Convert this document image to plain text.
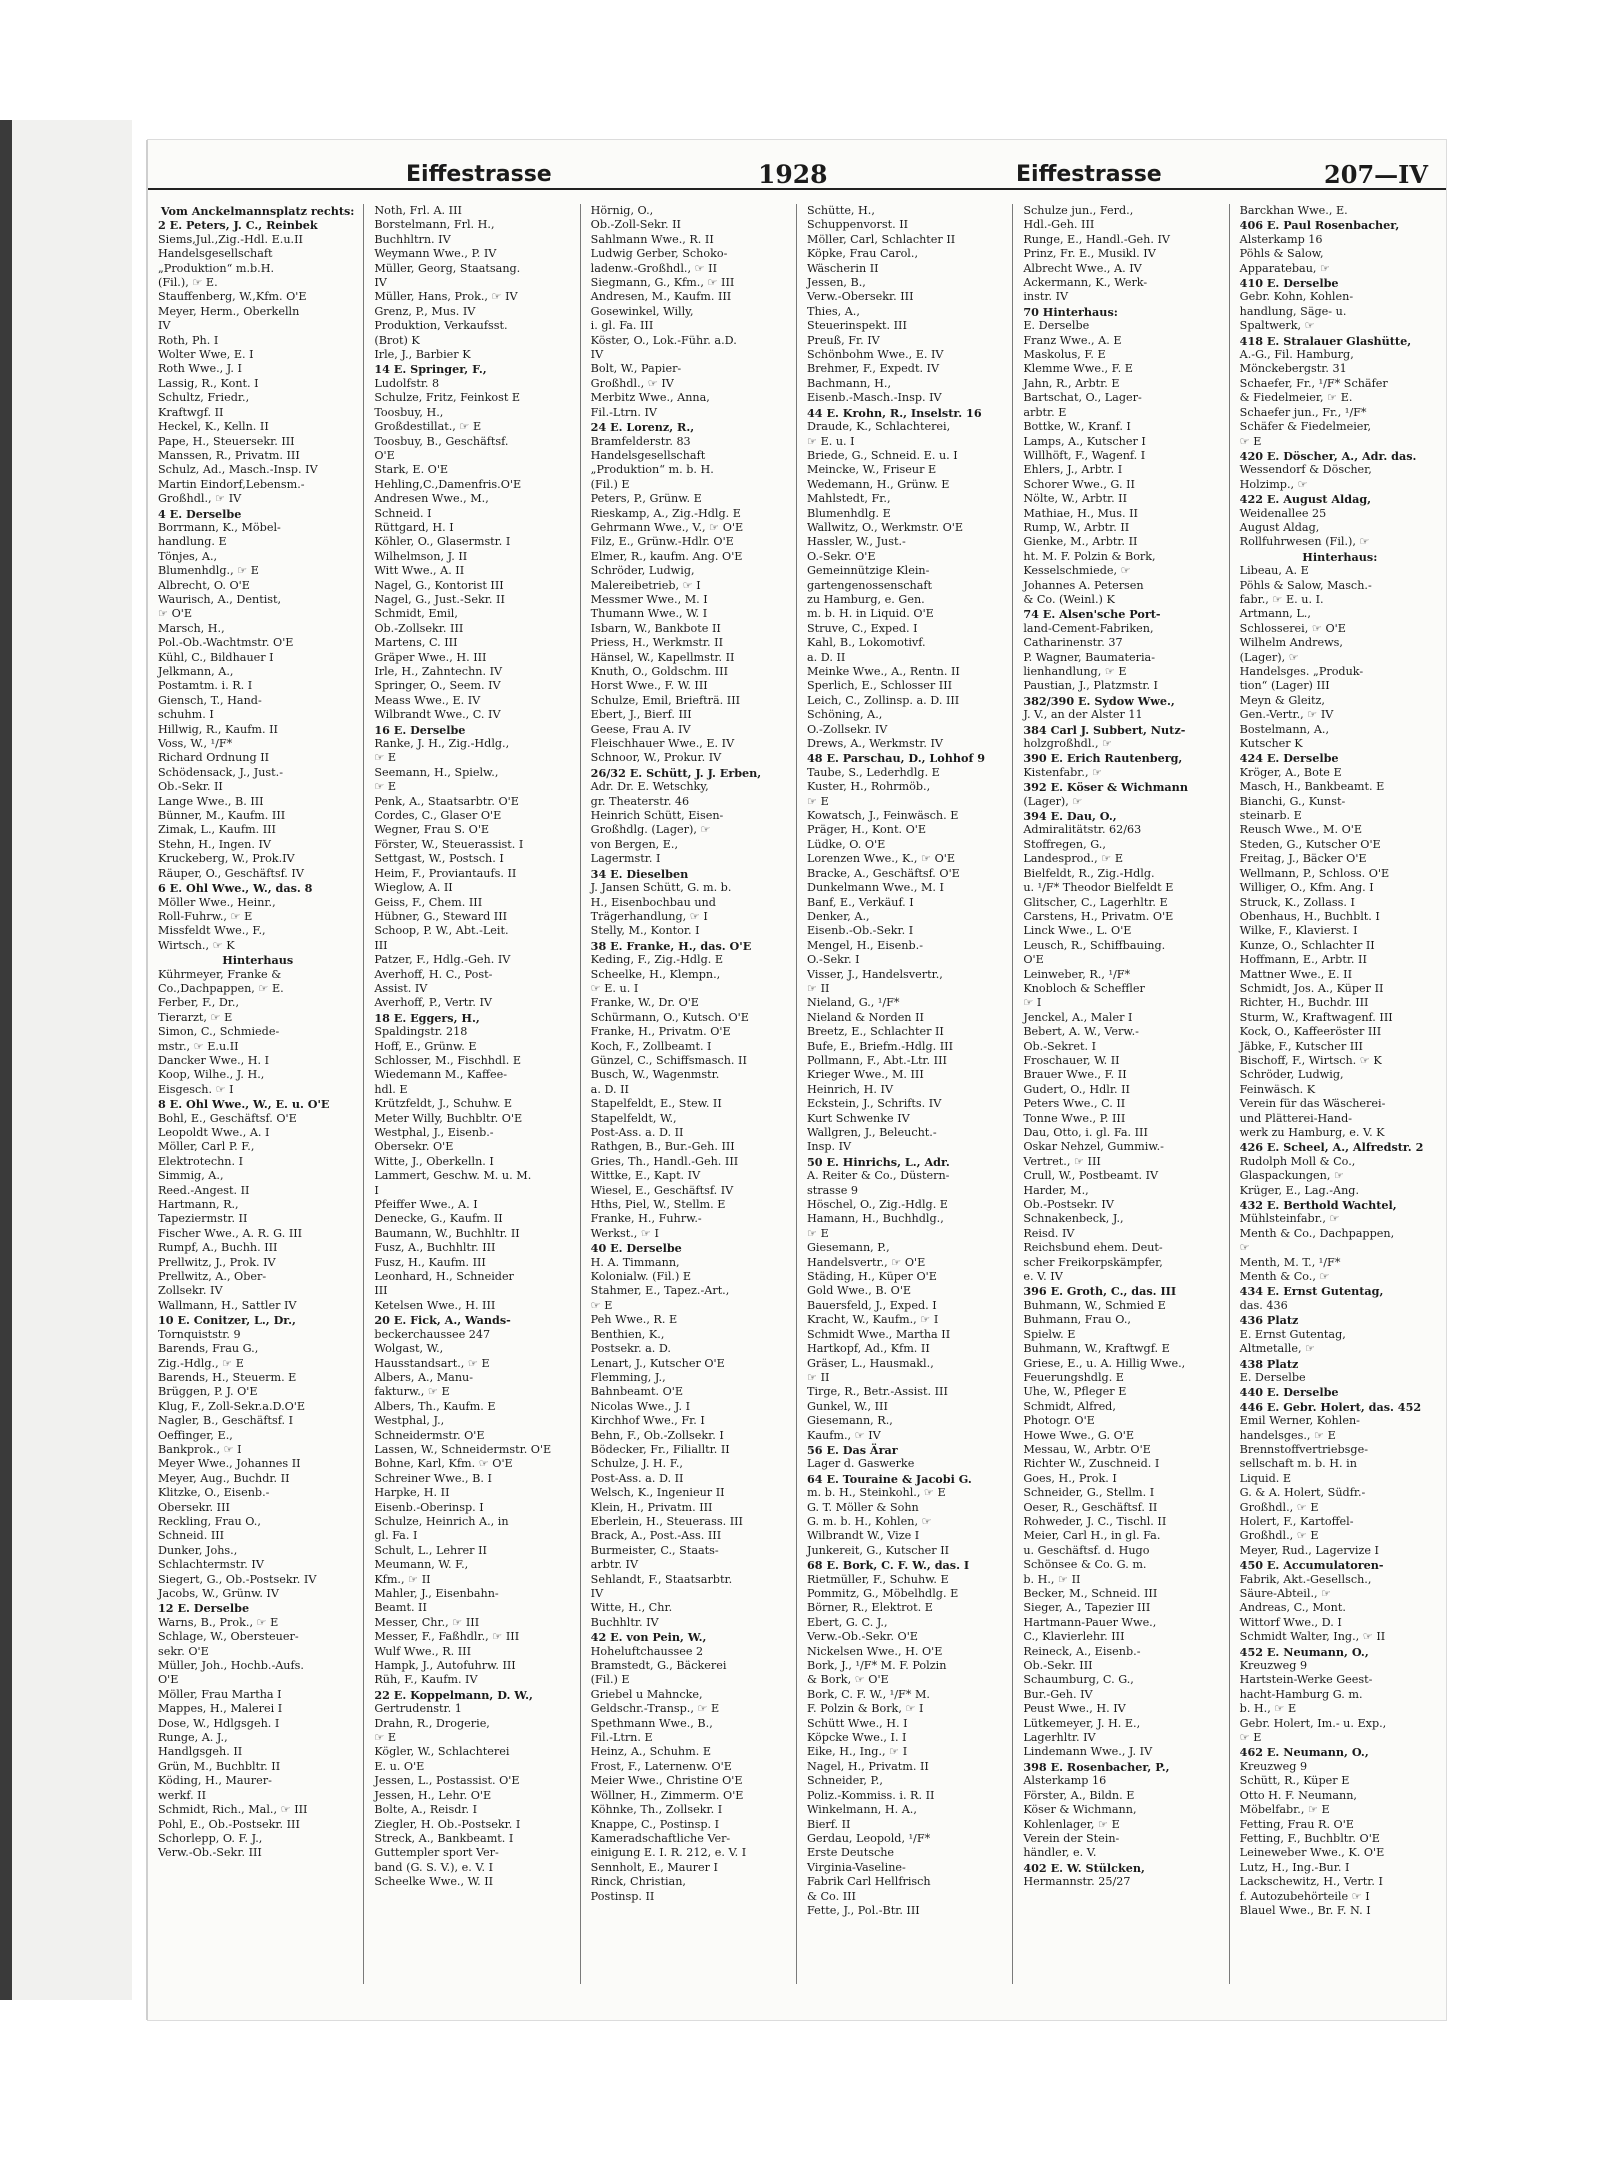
Eiffestrasse	1928	Eiffestrasse	207—IV
Vom Anckelmannsplatz rechts:
2 E. Peters, J. C., Reinbek
Siems,Jul.,Zig.-Hdl. E.u.II
Handelsgesellschaft
„Produktion“ m.b.H.
(Fil.), ☞ E.
Stauffenberg, W.,Kfm. O'E
Meyer, Herm., Oberkelln
IV
Roth, Ph. I
Wolter Wwe, E. I
Roth Wwe., J. I
Lassig, R., Kont. I
Schultz, Friedr.,
Kraftwgf. II
Heckel, K., Kelln. II
Pape, H., Steuersekr. III
Manssen, R., Privatm. III
Schulz, Ad., Masch.-Insp. IV
Martin Eindorf,Lebensm.-
Großhdl., ☞ IV
4 E. Derselbe
Borrmann, K., Möbel-
handlung. E
Tönjes, A.,
Blumenhdlg., ☞ E
Albrecht, O. O'E
Waurisch, A., Dentist,
☞ O'E
Marsch, H.,
Pol.-Ob.-Wachtmstr. O'E
Kühl, C., Bildhauer I
Jelkmann, A.,
Postamtm. i. R. I
Giensch, T., Hand-
schuhm. I
Hillwig, R., Kaufm. II
Voss, W., ¹/F*
Richard Ordnung II
Schödensack, J., Just.-
Ob.-Sekr. II
Lange Wwe., B. III
Bünner, M., Kaufm. III
Zimak, L., Kaufm. III
Stehn, H., Ingen. IV
Kruckeberg, W., Prok.IV
Räuper, O., Geschäftsf. IV
6 E. Ohl Wwe., W., das. 8
Möller Wwe., Heinr.,
Roll-Fuhrw., ☞ E
Missfeldt Wwe., F.,
Wirtsch., ☞ K
Hinterhaus
Kührmeyer, Franke &
Co.,Dachpappen, ☞ E.
Ferber, F., Dr.,
Tierarzt, ☞ E
Simon, C., Schmiede-
mstr., ☞ E.u.II
Dancker Wwe., H. I
Koop, Wilhe., J. H.,
Eisgesch. ☞ I
8 E. Ohl Wwe., W., E. u. O'E
Bohl, E., Geschäftsf. O'E
Leopoldt Wwe., A. I
Möller, Carl P. F.,
Elektrotechn. I
Simmig, A.,
Reed.-Angest. II
Hartmann, R.,
Tapeziermstr. II
Fischer Wwe., A. R. G. III
Rumpf, A., Buchh. III
Prellwitz, J., Prok. IV
Prellwitz, A., Ober-
Zollsekr. IV
Wallmann, H., Sattler IV
10 E. Conitzer, L., Dr.,
Tornquiststr. 9
Barends, Frau G.,
Zig.-Hdlg., ☞ E
Barends, H., Steuerm. E
Brüggen, P. J. O'E
Klug, F., Zoll-Sekr.a.D.O'E
Nagler, B., Geschäftsf. I
Oeffinger, E.,
Bankprok., ☞ I
Meyer Wwe., Johannes II
Meyer, Aug., Buchdr. II
Klitzke, O., Eisenb.-
Obersekr. III
Reckling, Frau O.,
Schneid. III
Dunker, Johs.,
Schlachtermstr. IV
Siegert, G., Ob.-Postsekr. IV
Jacobs, W., Grünw. IV
12 E. Derselbe
Warns, B., Prok., ☞ E
Schlage, W., Obersteuer-
sekr. O'E
Müller, Joh., Hochb.-Aufs.
O'E
Möller, Frau Martha I
Mappes, H., Malerei I
Dose, W., Hdlgsgeh. I
Runge, A. J.,
Handlgsgeh. II
Grün, M., Buchbltr. II
Köding, H., Maurer-
werkf. II
Schmidt, Rich., Mal., ☞ III
Pohl, E., Ob.-Postsekr. III
Schorlepp, O. F. J.,
Verw.-Ob.-Sekr. III
Noth, Frl. A. III
Borstelmann, Frl. H.,
Buchhltrn. IV
Weymann Wwe., P. IV
Müller, Georg, Staatsang.
IV
Müller, Hans, Prok., ☞ IV
Grenz, P., Mus. IV
Produktion, Verkaufsst.
(Brot) K
Irle, J., Barbier K
14 E. Springer, F.,
Ludolfstr. 8
Schulze, Fritz, Feinkost E
Toosbuy, H.,
Großdestillat., ☞ E
Toosbuy, B., Geschäftsf.
O'E
Stark, E. O'E
Hehling,C.,Damenfris.O'E
Andresen Wwe., M.,
Schneid. I
Rüttgard, H. I
Köhler, O., Glasermstr. I
Wilhelmson, J. II
Witt Wwe., A. II
Nagel, G., Kontorist III
Nagel, G., Just.-Sekr. II
Schmidt, Emil,
Ob.-Zollsekr. III
Martens, C. III
Gräper Wwe., H. III
Irle, H., Zahntechn. IV
Springer, O., Seem. IV
Meass Wwe., E. IV
Wilbrandt Wwe., C. IV
16 E. Derselbe
Ranke, J. H., Zig.-Hdlg.,
☞ E
Seemann, H., Spielw.,
☞ E
Penk, A., Staatsarbtr. O'E
Cordes, C., Glaser O'E
Wegner, Frau S. O'E
Förster, W., Steuerassist. I
Settgast, W., Postsch. I
Heim, F., Proviantaufs. II
Wieglow, A. II
Geiss, F., Chem. III
Hübner, G., Steward III
Schoop, P. W., Abt.-Leit.
III
Patzer, F., Hdlg.-Geh. IV
Averhoff, H. C., Post-
Assist. IV
Averhoff, P., Vertr. IV
18 E. Eggers, H.,
Spaldingstr. 218
Hoff, E., Grünw. E
Schlosser, M., Fischhdl. E
Wiedemann M., Kaffee-
hdl. E
Krützfeldt, J., Schuhw. E
Meter Willy, Buchbltr. O'E
Westphal, J., Eisenb.-
Obersekr. O'E
Witte, J., Oberkelln. I
Lammert, Geschw. M. u. M.
I
Pfeiffer Wwe., A. I
Denecke, G., Kaufm. II
Baumann, W., Buchhltr. II
Fusz, A., Buchhltr. III
Fusz, H., Kaufm. III
Leonhard, H., Schneider
III
Ketelsen Wwe., H. III
20 E. Fick, A., Wands-
beckerchaussee 247
Wolgast, W.,
Hausstandsart., ☞ E
Albers, A., Manu-
fakturw., ☞ E
Albers, Th., Kaufm. E
Westphal, J.,
Schneidermstr. O'E
Lassen, W., Schneidermstr. O'E
Bohne, Karl, Kfm. ☞ O'E
Schreiner Wwe., B. I
Harpke, H. II
Eisenb.-Oberinsp. I
Schulze, Heinrich A., in
gl. Fa. I
Schult, L., Lehrer II
Meumann, W. F.,
Kfm., ☞ II
Mahler, J., Eisenbahn-
Beamt. II
Messer, Chr., ☞ III
Messer, F., Faßhdlr., ☞ III
Wulf Wwe., R. III
Hampk, J., Autofuhrw. III
Rüh, F., Kaufm. IV
22 E. Koppelmann, D. W.,
Gertrudenstr. 1
Drahn, R., Drogerie,
☞ E
Kögler, W., Schlachterei
E. u. O'E
Jessen, L., Postassist. O'E
Jessen, H., Lehr. O'E
Bolte, A., Reisdr. I
Ziegler, H. Ob.-Postsekr. I
Streck, A., Bankbeamt. I
Guttempler sport Ver-
band (G. S. V.), e. V. I
Scheelke Wwe., W. II
Hörnig, O.,
Ob.-Zoll-Sekr. II
Sahlmann Wwe., R. II
Ludwig Gerber, Schoko-
ladenw.-Großhdl., ☞ II
Siegmann, G., Kfm., ☞ III
Andresen, M., Kaufm. III
Gosewinkel, Willy,
i. gl. Fa. III
Köster, O., Lok.-Führ. a.D.
IV
Bolt, W., Papier-
Großhdl., ☞ IV
Merbitz Wwe., Anna,
Fil.-Ltrn. IV
24 E. Lorenz, R.,
Bramfelderstr. 83
Handelsgesellschaft
„Produktion“ m. b. H.
(Fil.) E
Peters, P., Grünw. E
Rieskamp, A., Zig.-Hdlg. E
Gehrmann Wwe., V., ☞ O'E
Filz, E., Grünw.-Hdlr. O'E
Elmer, R., kaufm. Ang. O'E
Schröder, Ludwig,
Malereibetrieb, ☞ I
Messmer Wwe., M. I
Thumann Wwe., W. I
Isbarn, W., Bankbote II
Priess, H., Werkmstr. II
Hänsel, W., Kapellmstr. II
Knuth, O., Goldschm. III
Horst Wwe., F. W. III
Schulze, Emil, Briefträ. III
Ebert, J., Bierf. III
Geese, Frau A. IV
Fleischhauer Wwe., E. IV
Schnoor, W., Prokur. IV
26/32 E. Schütt, J. J. Erben,
Adr. Dr. E. Wetschky,
gr. Theaterstr. 46
Heinrich Schütt, Eisen-
Großhdlg. (Lager), ☞
von Bergen, E.,
Lagermstr. I
34 E. Dieselben
J. Jansen Schütt, G. m. b.
H., Eisenbochbau und
Trägerhandlung, ☞ I
Stelly, M., Kontor. I
38 E. Franke, H., das. O'E
Keding, F., Zig.-Hdlg. E
Scheelke, H., Klempn.,
☞ E. u. I
Franke, W., Dr. O'E
Schürmann, O., Kutsch. O'E
Franke, H., Privatm. O'E
Koch, F., Zollbeamt. I
Günzel, C., Schiffsmasch. II
Busch, W., Wagenmstr.
a. D. II
Stapelfeldt, E., Stew. II
Stapelfeldt, W.,
Post-Ass. a. D. II
Rathgen, B., Bur.-Geh. III
Gries, Th., Handl.-Geh. III
Wittke, E., Kapt. IV
Wiesel, E., Geschäftsf. IV
Hths, Piel, W., Stellm. E
Franke, H., Fuhrw.-
Werkst., ☞ I
40 E. Derselbe
H. A. Timmann,
Kolonialw. (Fil.) E
Stahmer, E., Tapez.-Art.,
☞ E
Peh Wwe., R. E
Benthien, K.,
Postsekr. a. D.
Lenart, J., Kutscher O'E
Flemming, J.,
Bahnbeamt. O'E
Nicolas Wwe., J. I
Kirchhof Wwe., Fr. I
Behn, F., Ob.-Zollsekr. I
Bödecker, Fr., Filialltr. II
Schulze, J. H. F.,
Post-Ass. a. D. II
Welsch, K., Ingenieur II
Klein, H., Privatm. III
Eberlein, H., Steuerass. III
Brack, A., Post.-Ass. III
Burmeister, C., Staats-
arbtr. IV
Sehlandt, F., Staatsarbtr.
IV
Witte, H., Chr.
Buchhltr. IV
42 E. von Pein, W.,
Hoheluftchaussee 2
Bramstedt, G., Bäckerei
(Fil.) E
Griebel u Mahncke,
Geldschr.-Transp., ☞ E
Spethmann Wwe., B.,
Fil.-Ltrn. E
Heinz, A., Schuhm. E
Frost, F., Laternenw. O'E
Meier Wwe., Christine O'E
Wöllner, H., Zimmerm. O'E
Köhnke, Th., Zollsekr. I
Knappe, C., Postinsp. I
Kameradschaftliche Ver-
einigung E. I. R. 212, e. V. I
Sennholt, E., Maurer I
Rinck, Christian,
Postinsp. II
Schütte, H.,
Schuppenvorst. II
Möller, Carl, Schlachter II
Köpke, Frau Carol.,
Wäscherin II
Jessen, B.,
Verw.-Obersekr. III
Thies, A.,
Steuerinspekt. III
Preuß, Fr. IV
Schönbohm Wwe., E. IV
Brehmer, F., Expedt. IV
Bachmann, H.,
Eisenb.-Masch.-Insp. IV
44 E. Krohn, R., Inselstr. 16
Draude, K., Schlachterei,
☞ E. u. I
Briede, G., Schneid. E. u. I
Meincke, W., Friseur E
Wedemann, H., Grünw. E
Mahlstedt, Fr.,
Blumenhdlg. E
Wallwitz, O., Werkmstr. O'E
Hassler, W., Just.-
O.-Sekr. O'E
Gemeinnützige Klein-
gartengenossenschaft
zu Hamburg, e. Gen.
m. b. H. in Liquid. O'E
Struve, C., Exped. I
Kahl, B., Lokomotivf.
a. D. II
Meinke Wwe., A., Rentn. II
Sperlich, E., Schlosser III
Leich, C., Zollinsp. a. D. III
Schöning, A.,
O.-Zollsekr. IV
Drews, A., Werkmstr. IV
48 E. Parschau, D., Lohhof 9
Taube, S., Lederhdlg. E
Kuster, H., Rohrmöb.,
☞ E
Kowatsch, J., Feinwäsch. E
Präger, H., Kont. O'E
Lüdke, O. O'E
Lorenzen Wwe., K., ☞ O'E
Bracke, A., Geschäftsf. O'E
Dunkelmann Wwe., M. I
Banf, E., Verkäuf. I
Denker, A.,
Eisenb.-Ob.-Sekr. I
Mengel, H., Eisenb.-
O.-Sekr. I
Visser, J., Handelsvertr.,
☞ II
Nieland, G., ¹/F*
Nieland & Norden II
Breetz, E., Schlachter II
Bufe, E., Briefm.-Hdlg. III
Pollmann, F., Abt.-Ltr. III
Krieger Wwe., M. III
Heinrich, H. IV
Eckstein, J., Schrifts. IV
Kurt Schwenke IV
Wallgren, J., Beleucht.-
Insp. IV
50 E. Hinrichs, L., Adr.
A. Reiter & Co., Düstern-
strasse 9
Höschel, O., Zig.-Hdlg. E
Hamann, H., Buchhdlg.,
☞ E
Giesemann, P.,
Handelsvertr., ☞ O'E
Städing, H., Küper O'E
Gold Wwe., B. O'E
Bauersfeld, J., Exped. I
Kracht, W., Kaufm., ☞ I
Schmidt Wwe., Martha II
Hartkopf, Ad., Kfm. II
Gräser, L., Hausmakl.,
☞ II
Tirge, R., Betr.-Assist. III
Gunkel, W., III
Giesemann, R.,
Kaufm., ☞ IV
56 E. Das Ärar
Lager d. Gaswerke
64 E. Touraine & Jacobi G.
m. b. H., Steinkohl., ☞ E
G. T. Möller & Sohn
G. m. b. H., Kohlen, ☞
Wilbrandt W., Vize I
Junkereit, G., Kutscher II
68 E. Bork, C. F. W., das. I
Rietmüller, F., Schuhw. E
Pommitz, G., Möbelhdlg. E
Börner, R., Elektrot. E
Ebert, G. C. J.,
Verw.-Ob.-Sekr. O'E
Nickelsen Wwe., H. O'E
Bork, J., ¹/F* M. F. Polzin
& Bork, ☞ O'E
Bork, C. F. W., ¹/F* M.
F. Polzin & Bork, ☞ I
Schütt Wwe., H. I
Köpcke Wwe., I. I
Eike, H., Ing., ☞ I
Nagel, H., Privatm. II
Schneider, P.,
Poliz.-Kommiss. i. R. II
Winkelmann, H. A.,
Bierf. II
Gerdau, Leopold, ¹/F*
Erste Deutsche
Virginia-Vaseline-
Fabrik Carl Hellfrisch
& Co. III
Fette, J., Pol.-Btr. III
Schulze jun., Ferd.,
Hdl.-Geh. III
Runge, E., Handl.-Geh. IV
Prinz, Fr. E., Musikl. IV
Albrecht Wwe., A. IV
Ackermann, K., Werk-
instr. IV
70 Hinterhaus:
E. Derselbe
Franz Wwe., A. E
Maskolus, F. E
Klemme Wwe., F. E
Jahn, R., Arbtr. E
Bartschat, O., Lager-
arbtr. E
Bottke, W., Kranf. I
Lamps, A., Kutscher I
Willhöft, F., Wagenf. I
Ehlers, J., Arbtr. I
Schorer Wwe., G. II
Nölte, W., Arbtr. II
Mathiae, H., Mus. II
Rump, W., Arbtr. II
Gienke, M., Arbtr. II
ht. M. F. Polzin & Bork,
Kesselschmiede, ☞
Johannes A. Petersen
& Co. (Weinl.) K
74 E. Alsen'sche Port-
land-Cement-Fabriken,
Catharinenstr. 37
P. Wagner, Baumateria-
lienhandlung, ☞ E
Paustian, J., Platzmstr. I
382/390 E. Sydow Wwe.,
J. V., an der Alster 11
384 Carl J. Subbert, Nutz-
holzgroßhdl., ☞
390 E. Erich Rautenberg,
Kistenfabr., ☞
392 E. Köser & Wichmann
(Lager), ☞
394 E. Dau, O.,
Admiralitätstr. 62/63
Stoffregen, G.,
Landesprod., ☞ E
Bielfeldt, R., Zig.-Hdlg.
u. ¹/F* Theodor Bielfeldt E
Glitscher, C., Lagerhltr. E
Carstens, H., Privatm. O'E
Linck Wwe., L. O'E
Leusch, R., Schiffbauing.
O'E
Leinweber, R., ¹/F*
Knobloch & Scheffler
☞ I
Jenckel, A., Maler I
Bebert, A. W., Verw.-
Ob.-Sekret. I
Froschauer, W. II
Brauer Wwe., F. II
Gudert, O., Hdlr. II
Peters Wwe., C. II
Tonne Wwe., P. III
Dau, Otto, i. gl. Fa. III
Oskar Nehzel, Gummiw.-
Vertret., ☞ III
Crull, W., Postbeamt. IV
Harder, M.,
Ob.-Postsekr. IV
Schnakenbeck, J.,
Reisd. IV
Reichsbund ehem. Deut-
scher Freikorpskämpfer,
e. V. IV
396 E. Groth, C., das. III
Buhmann, W., Schmied E
Buhmann, Frau O.,
Spielw. E
Buhmann, W., Kraftwgf. E
Griese, E., u. A. Hillig Wwe.,
Feuerungshdlg. E
Uhe, W., Pfleger E
Schmidt, Alfred,
Photogr. O'E
Howe Wwe., G. O'E
Messau, W., Arbtr. O'E
Richter W., Zuschneid. I
Goes, H., Prok. I
Schneider, G., Stellm. I
Oeser, R., Geschäftsf. II
Rohweder, J. C., Tischl. II
Meier, Carl H., in gl. Fa.
u. Geschäftsf. d. Hugo
Schönsee & Co. G. m.
b. H., ☞ II
Becker, M., Schneid. III
Sieger, A., Tapezier III
Hartmann-Pauer Wwe.,
C., Klavierlehr. III
Reineck, A., Eisenb.-
Ob.-Sekr. III
Schaumburg, C. G.,
Bur.-Geh. IV
Peust Wwe., H. IV
Lütkemeyer, J. H. E.,
Lagerhltr. IV
Lindemann Wwe., J. IV
398 E. Rosenbacher, P.,
Alsterkamp 16
Förster, A., Bildn. E
Köser & Wichmann,
Kohlenlager, ☞ E
Verein der Stein-
händler, e. V.
402 E. W. Stülcken,
Hermannstr. 25/27
Barckhan Wwe., E.
406 E. Paul Rosenbacher,
Alsterkamp 16
Pöhls & Salow,
Apparatebau, ☞
410 E. Derselbe
Gebr. Kohn, Kohlen-
handlung, Säge- u.
Spaltwerk, ☞
418 E. Stralauer Glashütte,
A.-G., Fil. Hamburg,
Mönckebergstr. 31
Schaefer, Fr., ¹/F* Schäfer
& Fiedelmeier, ☞ E.
Schaefer jun., Fr., ¹/F*
Schäfer & Fiedelmeier,
☞ E
420 E. Döscher, A., Adr. das.
Wessendorf & Döscher,
Holzimp., ☞
422 E. August Aldag,
Weidenallee 25
August Aldag,
Rollfuhrwesen (Fil.), ☞
Hinterhaus:
Libeau, A. E
Pöhls & Salow, Masch.-
fabr., ☞ E. u. I.
Artmann, L.,
Schlosserei, ☞ O'E
Wilhelm Andrews,
(Lager), ☞
Handelsges. „Produk-
tion“ (Lager) III
Meyn & Gleitz,
Gen.-Vertr., ☞ IV
Bostelmann, A.,
Kutscher K
424 E. Derselbe
Kröger, A., Bote E
Masch, H., Bankbeamt. E
Bianchi, G., Kunst-
steinarb. E
Reusch Wwe., M. O'E
Steden, G., Kutscher O'E
Freitag, J., Bäcker O'E
Wellmann, P., Schloss. O'E
Williger, O., Kfm. Ang. I
Struck, K., Zollass. I
Obenhaus, H., Buchblt. I
Wilke, F., Klavierst. I
Kunze, O., Schlachter II
Hoffmann, E., Arbtr. II
Mattner Wwe., E. II
Schmidt, Jos. A., Küper II
Richter, H., Buchdr. III
Sturm, W., Kraftwagenf. III
Kock, O., Kaffeeröster III
Jäbke, F., Kutscher III
Bischoff, F., Wirtsch. ☞ K
Schröder, Ludwig,
Feinwäsch. K
Verein für das Wäscherei-
und Plätterei-Hand-
werk zu Hamburg, e. V. K
426 E. Scheel, A., Alfredstr. 2
Rudolph Moll & Co.,
Glaspackungen, ☞
Krüger, E., Lag.-Ang.
432 E. Berthold Wachtel,
Mühlsteinfabr., ☞
Menth & Co., Dachpappen,
☞
Menth, M. T., ¹/F*
Menth & Co., ☞
434 E. Ernst Gutentag,
das. 436
436 Platz
E. Ernst Gutentag,
Altmetalle, ☞
438 Platz
E. Derselbe
440 E. Derselbe
446 E. Gebr. Holert, das. 452
Emil Werner, Kohlen-
handelsges., ☞ E
Brennstoffvertriebsge-
sellschaft m. b. H. in
Liquid. E
G. & A. Holert, Südfr.-
Großhdl., ☞ E
Holert, F., Kartoffel-
Großhdl., ☞ E
Meyer, Rud., Lagervize I
450 E. Accumulatoren-
Fabrik, Akt.-Gesellsch.,
Säure-Abteil., ☞
Andreas, C., Mont.
Wittorf Wwe., D. I
Schmidt Walter, Ing., ☞ II
452 E. Neumann, O.,
Kreuzweg 9
Hartstein-Werke Geest-
hacht-Hamburg G. m.
b. H., ☞ E
Gebr. Holert, Im.- u. Exp.,
☞ E
462 E. Neumann, O.,
Kreuzweg 9
Schütt, R., Küper E
Otto H. F. Neumann,
Möbelfabr., ☞ E
Fetting, Frau R. O'E
Fetting, F., Buchbltr. O'E
Leineweber Wwe., K. O'E
Lutz, H., Ing.-Bur. I
Lackschewitz, H., Vertr. I
f. Autozubehörteile ☞ I
Blauel Wwe., Br. F. N. I
